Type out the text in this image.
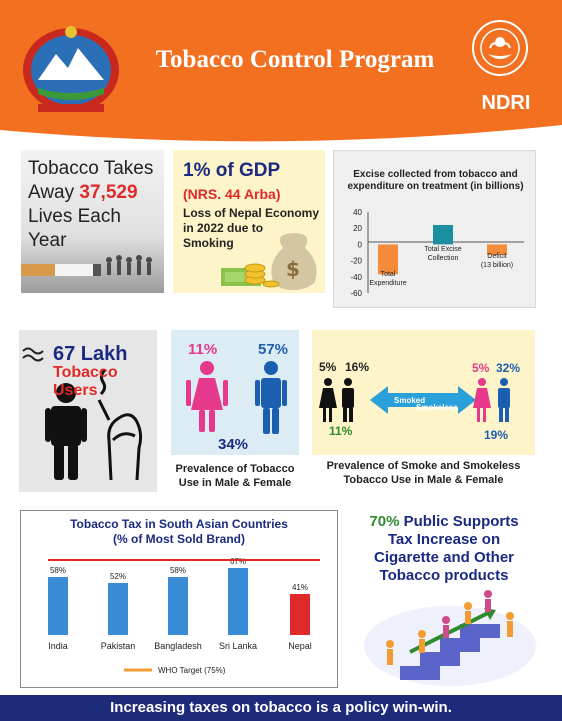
Tobacco Control Program
NDRI
Tobacco Takes
Away 37,529
Lives Each
Year
1% of GDP
(NRS. 44 Arba)
Loss of Nepal Economy
in 2022 due to
Smoking
$
Excise collected from tobacco and
expenditure on treatment (in billions)
40
20
0
-20
-40
-60
Total
Expenditure
Total Excise
Collection	Deficit
(13 billion)
67 Lakh
Tobacco Users
11%	57%
34%
Prevalence of Tobacco
Use in Male & Female
Smoked
Smokeless
5% 16%
11%
5% 32%
19%
Prevalence of Smoke and Smokeless
Tobacco Use in Male & Female
Tobacco Tax in South Asian Countries
(% of Most Sold Brand)
58%
India
52%
Pakistan
58%
Bangladesh
67%
Sri Lanka
41%
Nepal
WHO Target (75%)
70% Public Supports
Tax Increase on
Cigarette and Other
Tobacco products
Increasing taxes on tobacco is a policy win-win.
